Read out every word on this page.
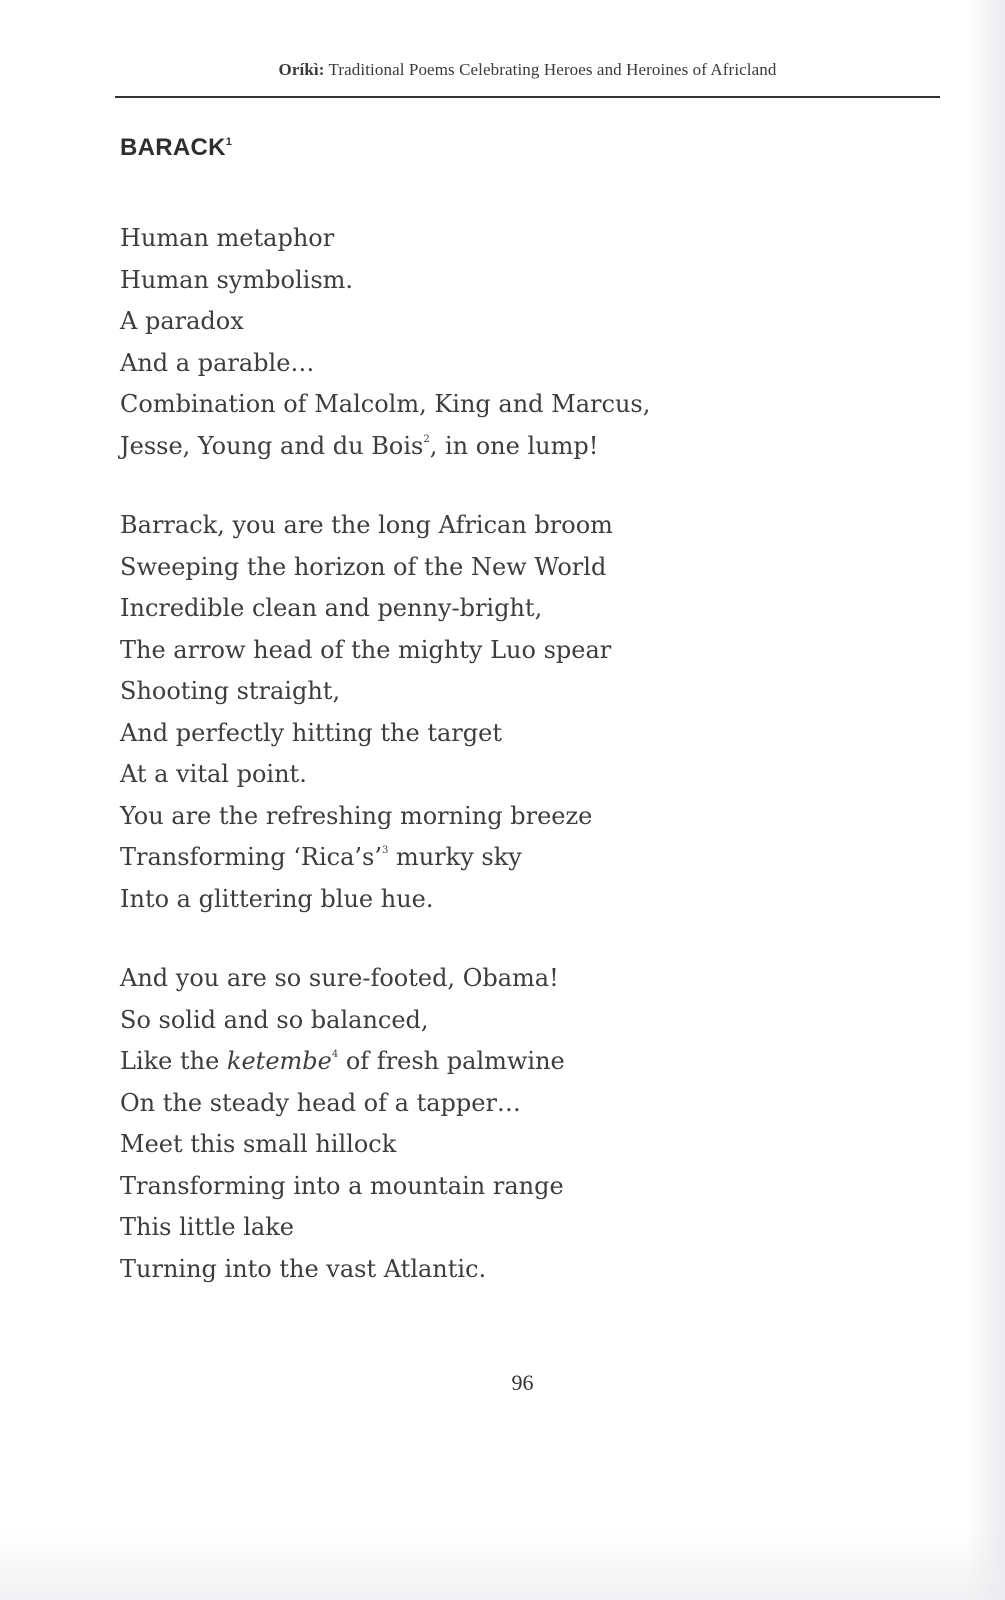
Oríkì: Traditional Poems Celebrating Heroes and Heroines of Africland
BARACK$^1$
Human metaphor
Human symbolism.
A paradox
And a parable…
Combination of Malcolm, King and Marcus,
Jesse, Young and du Bois$^2$, in one lump!
Barrack, you are the long African broom
Sweeping the horizon of the New World
Incredible clean and penny-bright,
The arrow head of the mighty Luo spear
Shooting straight,
And perfectly hitting the target
At a vital point.
You are the refreshing morning breeze
Transforming ‘Rica’s’$^3$ murky sky
Into a glittering blue hue.
And you are so sure-footed, Obama!
So solid and so balanced,
Like the ketembe$^4$ of fresh palmwine
On the steady head of a tapper…
Meet this small hillock
Transforming into a mountain range
This little lake
Turning into the vast Atlantic.
96
